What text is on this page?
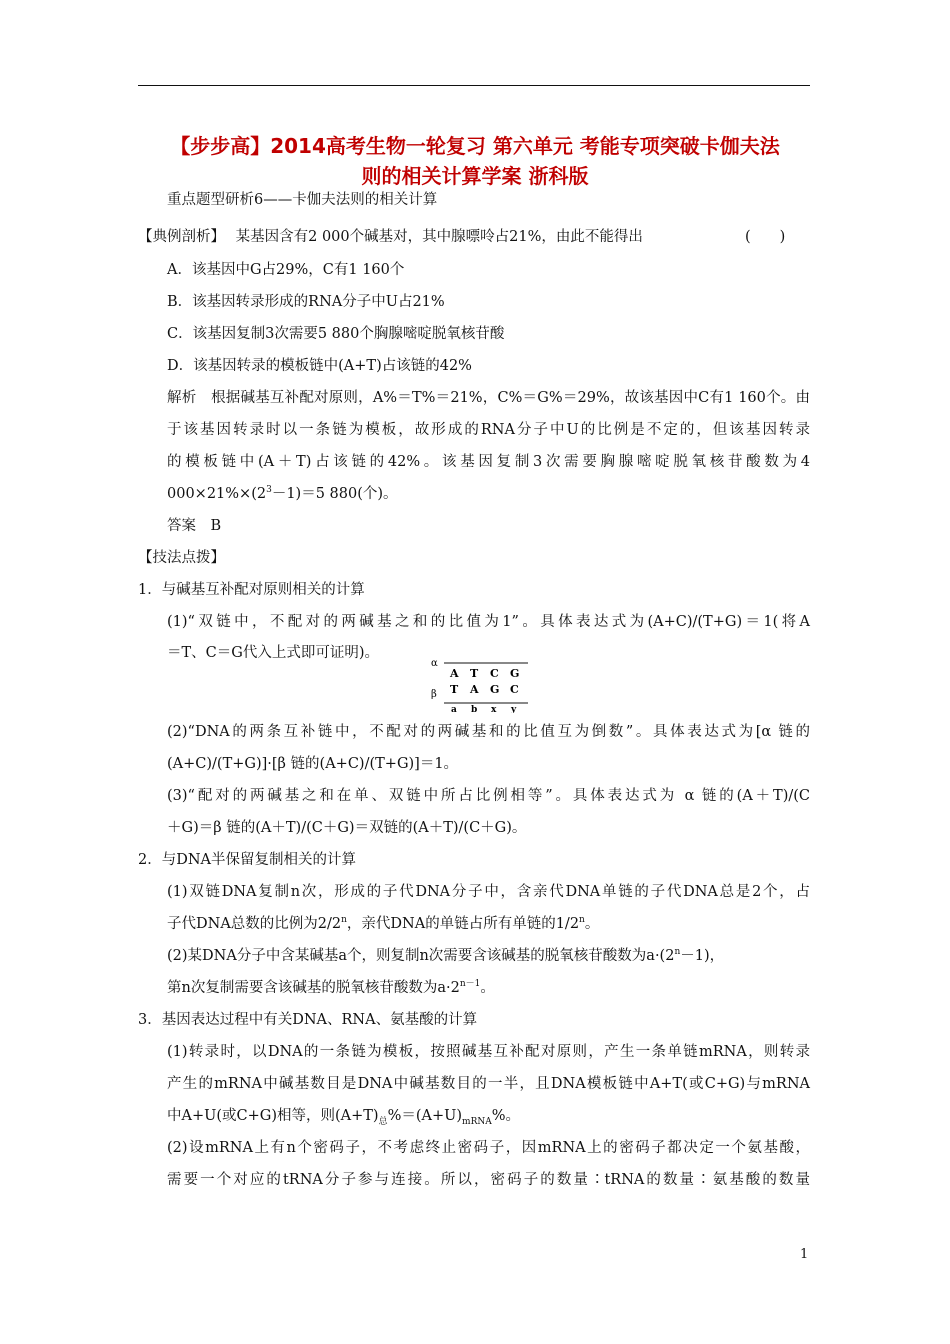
【步步高】2014高考生物一轮复习 第六单元 考能专项突破卡伽夫法
则的相关计算学案 浙科版
重点题型研析6——卡伽夫法则的相关计算
【典例剖析】 某基因含有2 000个碱基对，其中腺嘌呤占21%，由此不能得出	(　　)
A．该基因中G占29%，C有1 160个
B．该基因转录形成的RNA分子中U占21%
C．该基因复制3次需要5 880个胸腺嘧啶脱氧核苷酸
D．该基因转录的模板链中(A+T)占该链的42%
解析　根据碱基互补配对原则，A%＝T%＝21%，C%＝G%＝29%，故该基因中C有1 160个。由
于该基因转录时以一条链为模板，故形成的RNA分子中U的比例是不定的，但该基因转录
的模板链中(A＋T)占该链的42%。该基因复制3次需要胸腺嘧啶脱氧核苷酸数为4
$000\times 21\%\times(2^3-1)=5$ 880(个)。
答案　B
【技法点拨】
1．与碱基互补配对原则相关的计算
(1)“双链中，不配对的两碱基之和的比值为1”。具体表达式为(A+C)/(T+G)＝1(将A
＝T、C＝G代入上式即可证明)。
α
β
A T C G
T A G C
a b x y
(2)“DNA的两条互补链中，不配对的两碱基和的比值互为倒数”。具体表达式为[α 链的
(A+C)/(T+G)]·[β 链的(A+C)/(T+G)]＝1。
(3)“配对的两碱基之和在单、双链中所占比例相等”。具体表达式为 α 链的(A＋T)/(C
＋G)＝β 链的(A＋T)/(C＋G)＝双链的(A＋T)/(C＋G)。
2．与DNA半保留复制相关的计算
(1)双链DNA复制n次，形成的子代DNA分子中，含亲代DNA单链的子代DNA总是2个，占
子代DNA总数的比例为2/2$^n$，亲代DNA的单链占所有单链的1/2$^n$。
(2)某DNA分子中含某碱基a个，则复制n次需要含该碱基的脱氧核苷酸数为$a\cdot(2^n-1)$，
第n次复制需要含该碱基的脱氧核苷酸数为$a\cdot 2^{n-1}$。
3．基因表达过程中有关DNA、RNA、氨基酸的计算
(1)转录时，以DNA的一条链为模板，按照碱基互补配对原则，产生一条单链mRNA，则转录
产生的mRNA中碱基数目是DNA中碱基数目的一半，且DNA模板链中A+T(或C+G)与mRNA
中A+U(或C+G)相等，则$(A+T)_总\%=(A+U)_{mRNA}\%$。
(2)设mRNA上有n个密码子，不考虑终止密码子，因mRNA上的密码子都决定一个氨基酸，
需要一个对应的tRNA分子参与连接。所以，密码子的数量∶tRNA的数量∶氨基酸的数量
1
